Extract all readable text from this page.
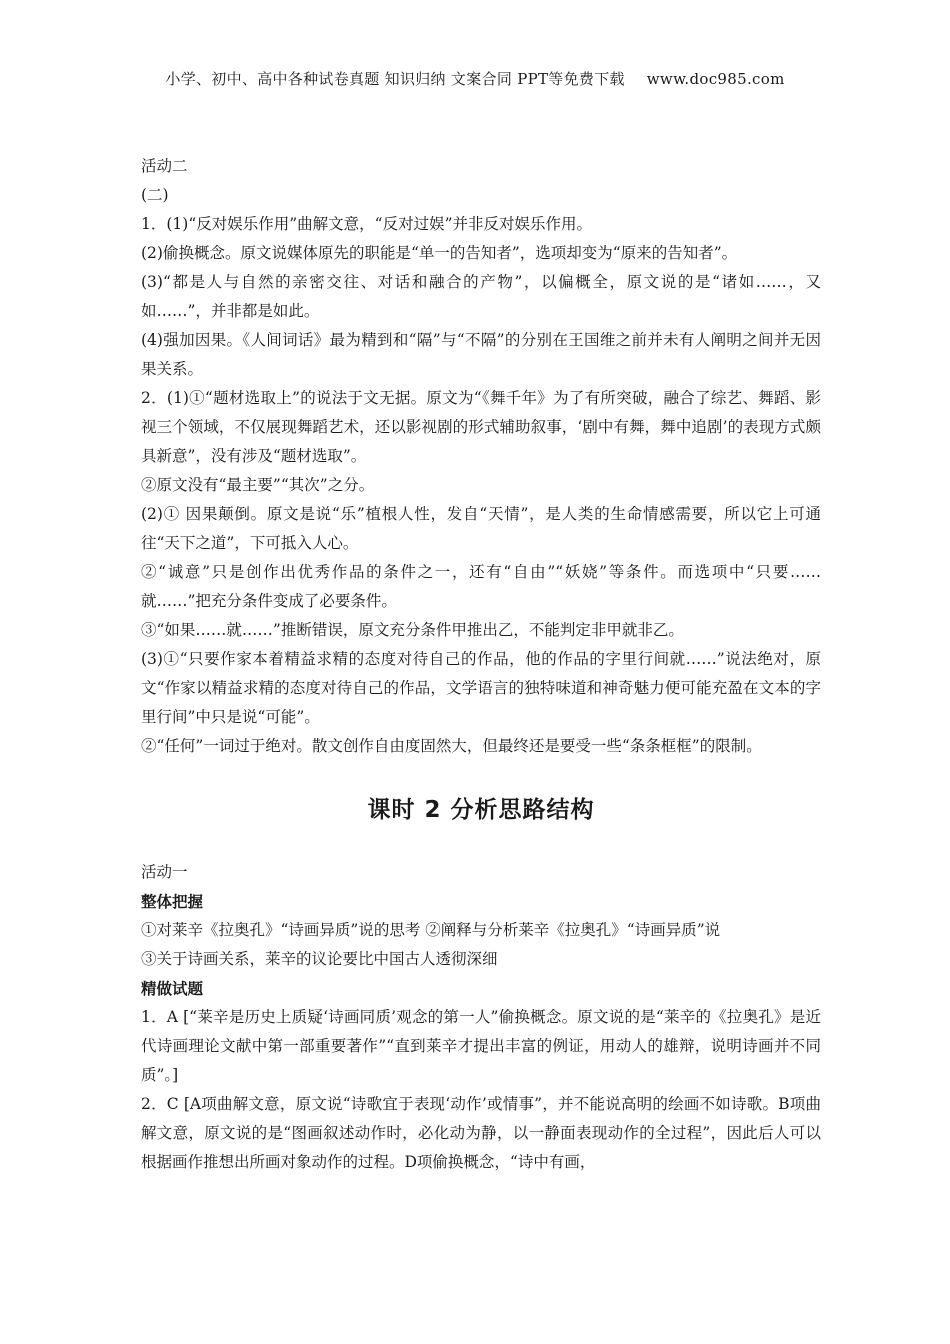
小学、初中、高中各种试卷真题 知识归纳 文案合同 PPT等免费下载 www.doc985.com

活动二

(二)

1．(1)“反对娱乐作用”曲解文意，“反对过娱”并非反对娱乐作用。

(2)偷换概念。原文说媒体原先的职能是“单一的告知者”，选项却变为“原来的告知者”。

(3)“都是人与自然的亲密交往、对话和融合的产物”，以偏概全，原文说的是“诸如……，又如……”，并非都是如此。

(4)强加因果。《人间词话》最为精到和“隔”与“不隔”的分别在王国维之前并未有人阐明之间并无因果关系。

2．(1)①“题材选取上”的说法于文无据。原文为“《舞千年》为了有所突破，融合了综艺、舞蹈、影视三个领域，不仅展现舞蹈艺术，还以影视剧的形式辅助叙事，‘剧中有舞，舞中追剧’的表现方式颇具新意”，没有涉及“题材选取”。

②原文没有“最主要”“其次”之分。

(2)① 因果颠倒。原文是说“乐”植根人性，发自“天情”，是人类的生命情感需要，所以它上可通往“天下之道”，下可抵入人心。

②“诚意”只是创作出优秀作品的条件之一，还有“自由”“妖娆”等条件。而选项中“只要……就……”把充分条件变成了必要条件。

③“如果……就……”推断错误，原文充分条件甲推出乙，不能判定非甲就非乙。

(3)①“只要作家本着精益求精的态度对待自己的作品，他的作品的字里行间就……”说法绝对，原文“作家以精益求精的态度对待自己的作品，文学语言的独特味道和神奇魅力便可能充盈在文本的字里行间”中只是说“可能”。

②“任何”一词过于绝对。散文创作自由度固然大，但最终还是要受一些“条条框框”的限制。

课时 2 分析思路结构

活动一

整体把握

①对莱辛《拉奥孔》“诗画异质”说的思考 ②阐释与分析莱辛《拉奥孔》“诗画异质”说

③关于诗画关系，莱辛的议论要比中国古人透彻深细

精做试题

1．A [“莱辛是历史上质疑‘诗画同质’观念的第一人”偷换概念。原文说的是“莱辛的《拉奥孔》是近代诗画理论文献中第一部重要著作”“直到莱辛才提出丰富的例证，用动人的雄辩，说明诗画并不同质”。]

2．C [A项曲解文意，原文说“诗歌宜于表现‘动作’或情事”，并不能说高明的绘画不如诗歌。B项曲解文意，原文说的是“图画叙述动作时，必化动为静，以一静面表现动作的全过程”，因此后人可以根据画作推想出所画对象动作的过程。D项偷换概念，“诗中有画，
